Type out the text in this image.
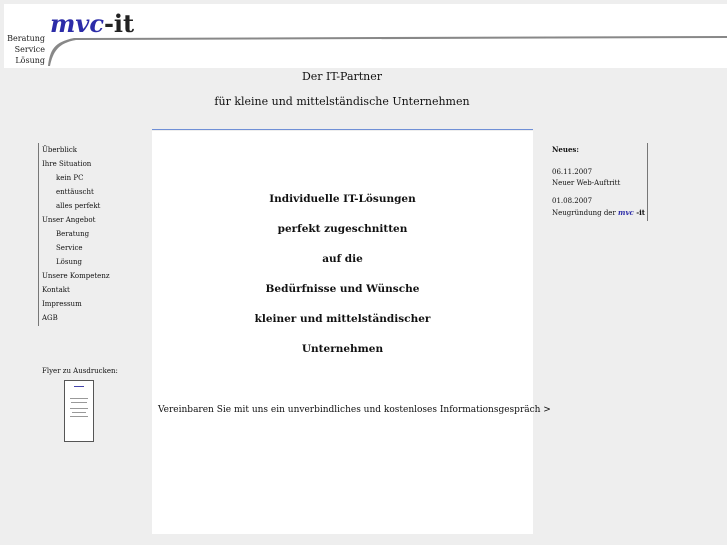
mvc-it
Beratung
Service
Lösung
Der IT-Partner
für kleine und mittelständische Unternehmen
Überblick
Ihre Situation
kein PC
enttäuscht
alles perfekt
Unser Angebot
Beratung
Service
Lösung
Unsere Kompetenz
Kontakt
Impressum
AGB
Flyer zu Ausdrucken:
Individuelle IT-Lösungen
perfekt zugeschnitten
auf die
Bedürfnisse und Wünsche
kleiner und mittelständischer
Unternehmen
Vereinbaren Sie mit uns ein unverbindliches und kostenloses Informationsgespräch >
Neues:
06.11.2007
Neuer Web-Auftritt
01.08.2007
Neugründung der mvc -it
